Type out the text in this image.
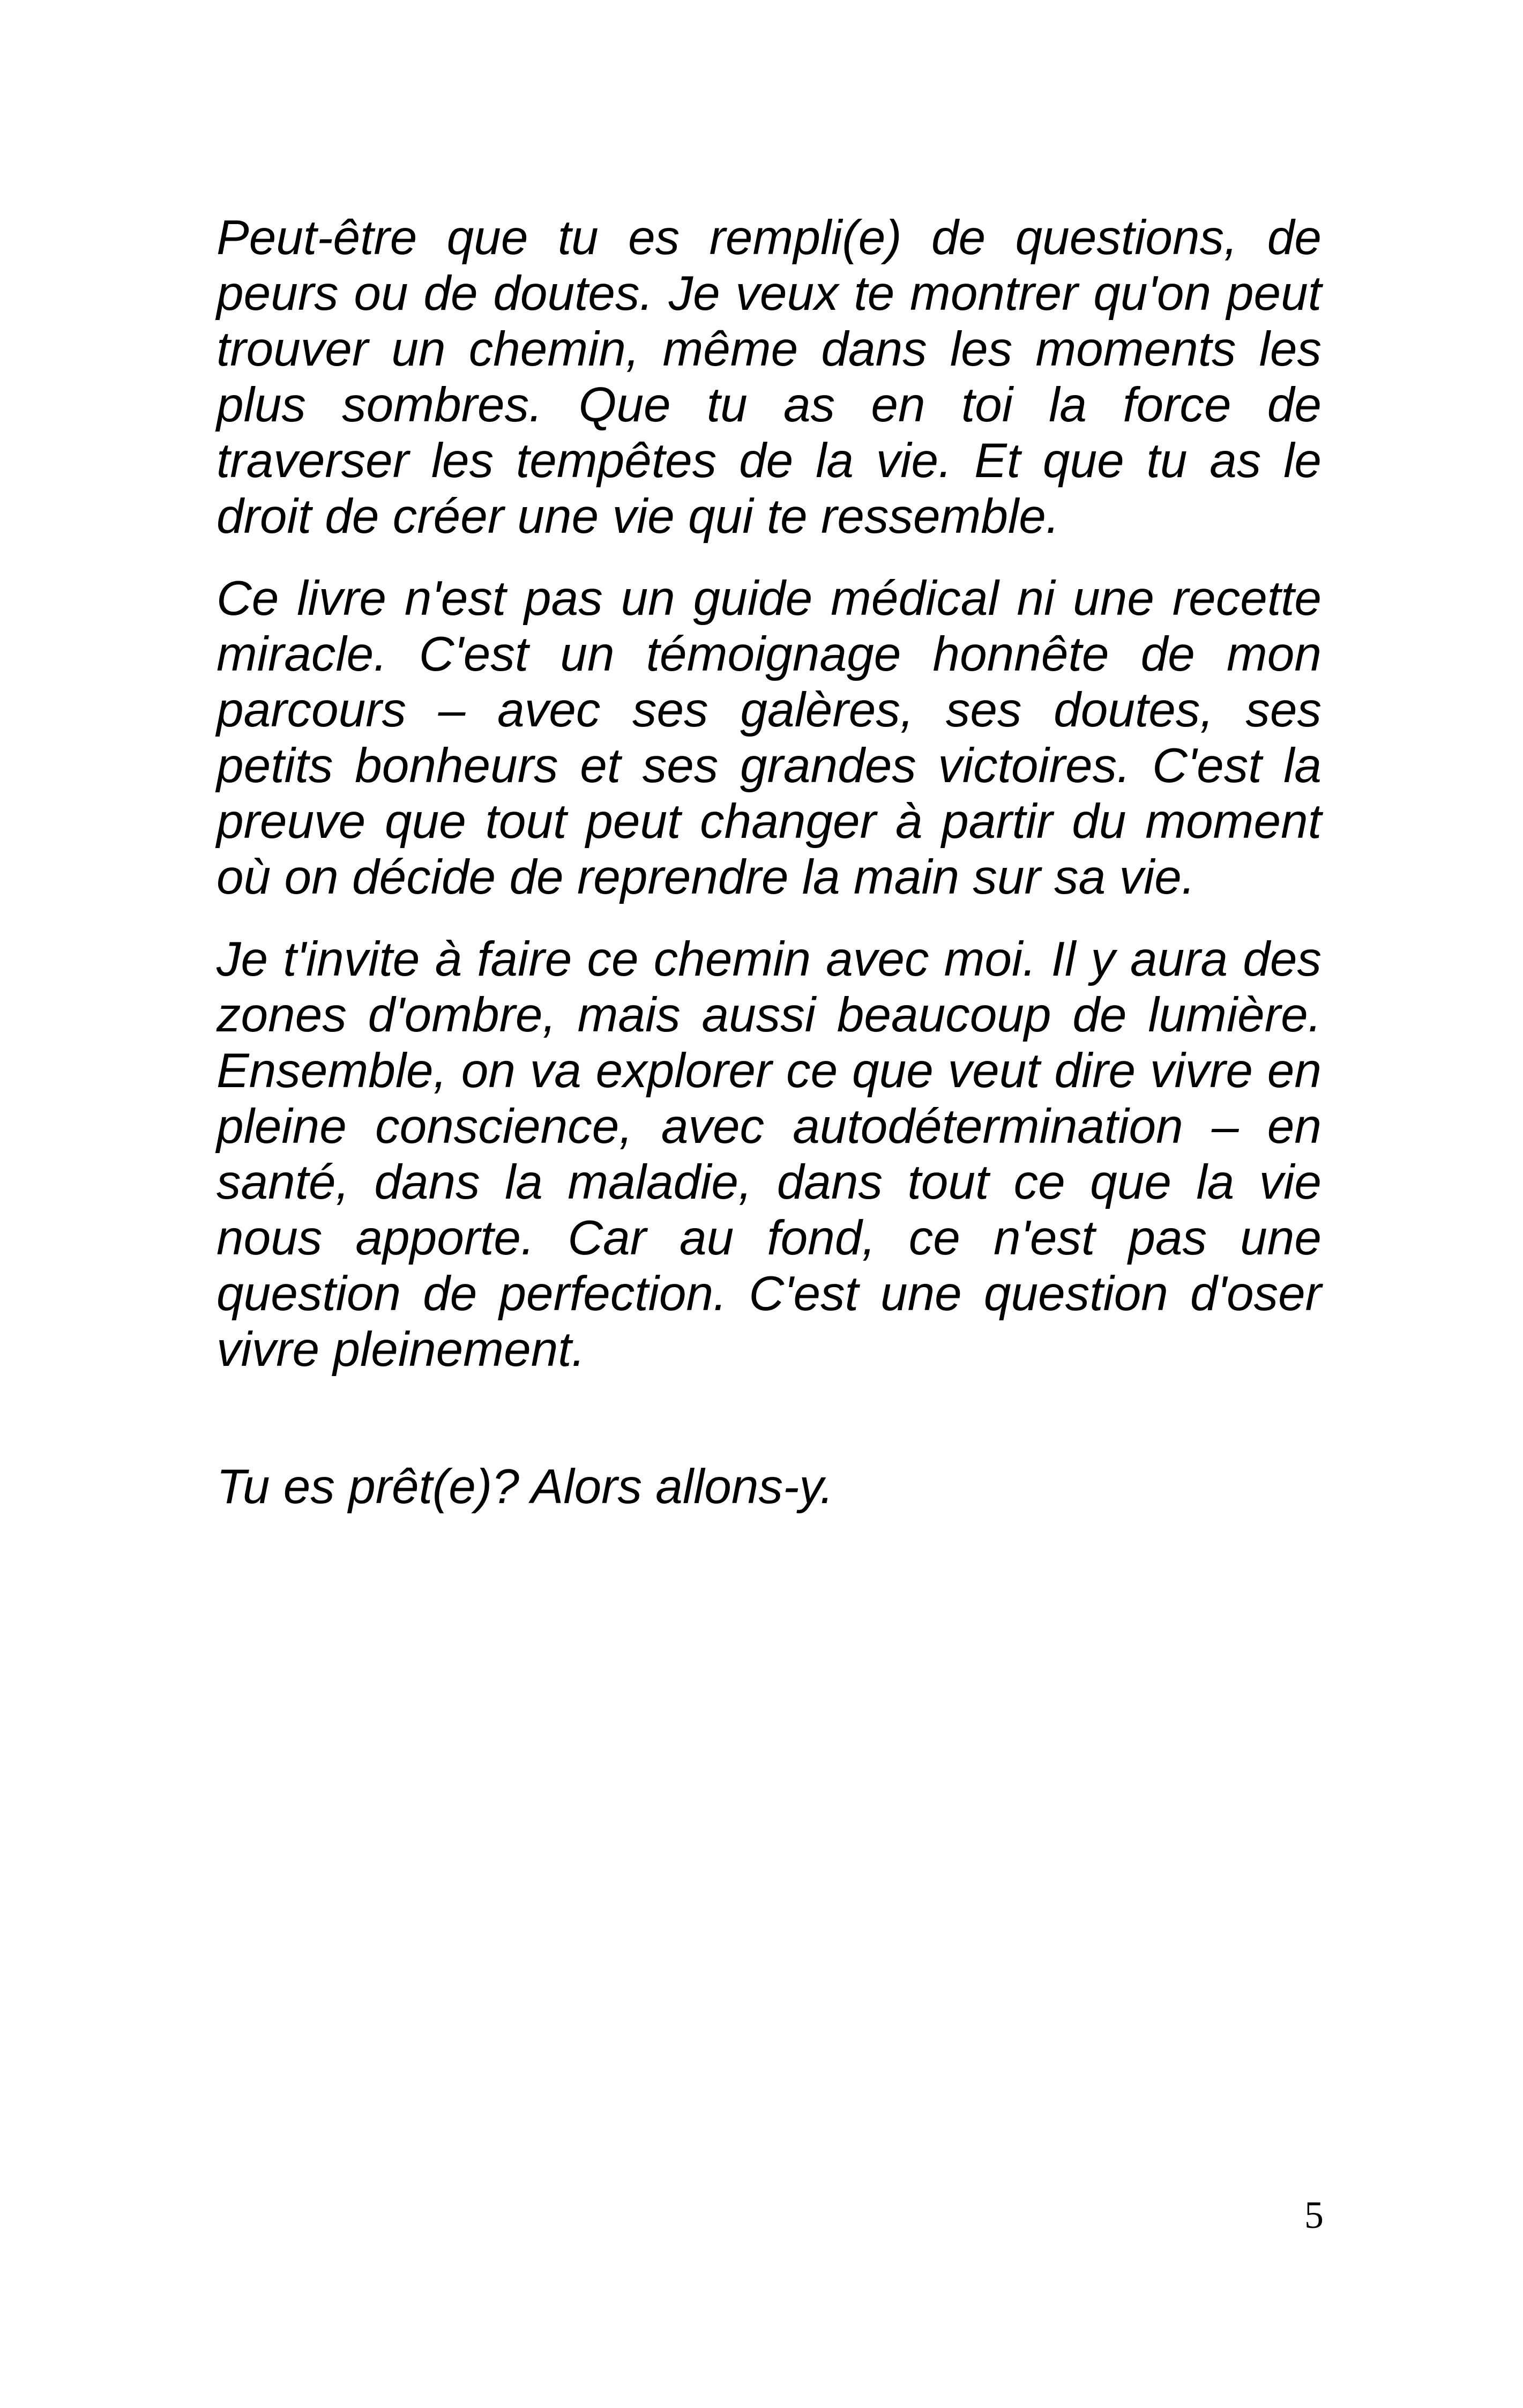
Peut-être que tu es rempli(e) de questions, de peurs ou de doutes. Je veux te montrer qu'on peut trouver un chemin, même dans les moments les plus sombres. Que tu as en toi la force de traverser les tempêtes de la vie. Et que tu as le droit de créer une vie qui te ressemble.

Ce livre n'est pas un guide médical ni une recette miracle. C'est un témoignage honnête de mon parcours – avec ses galères, ses doutes, ses petits bonheurs et ses grandes victoires. C'est la preuve que tout peut changer à partir du moment où on décide de reprendre la main sur sa vie.

Je t'invite à faire ce chemin avec moi. Il y aura des zones d'ombre, mais aussi beaucoup de lumière. Ensemble, on va explorer ce que veut dire vivre en pleine conscience, avec autodétermination – en santé, dans la maladie, dans tout ce que la vie nous apporte. Car au fond, ce n'est pas une question de perfection. C'est une question d'oser vivre pleinement.

Tu es prêt(e)? Alors allons-y.

5
